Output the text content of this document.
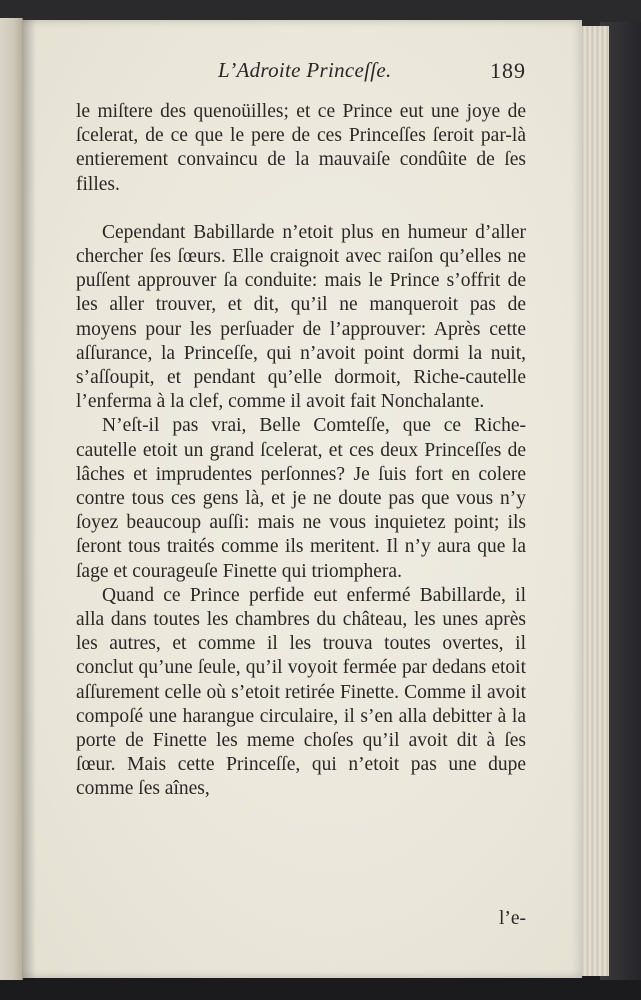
L’Adroite Princeſſe.	189

le miſtere des quenoüilles; et ce Prince eut une joye de ſcelerat, de ce que le pere de ces Princeſſes ſeroit par-là entierement convaincu de la mauvaiſe condûite de ſes filles.

Cependant Babillarde n’etoit plus en humeur d’aller chercher ſes ſœurs. Elle craignoit avec raiſon qu’elles ne puſſent approuver ſa conduite: mais le Prince s’offrit de les aller trouver, et dit, qu’il ne manqueroit pas de moyens pour les perſuader de l’approuver: Après cette aſſurance, la Princeſſe, qui n’avoit point dormi la nuit, s’aſſoupit, et pendant qu’elle dormoit, Riche-cautelle l’enferma à la clef, comme il avoit fait Nonchalante.

N’eſt-il pas vrai, Belle Comteſſe, que ce Riche-cautelle etoit un grand ſcelerat, et ces deux Princeſſes de lâches et imprudentes perſonnes? Je ſuis fort en colere contre tous ces gens là, et je ne doute pas que vous n’y ſoyez beaucoup auſſi: mais ne vous inquietez point; ils ſeront tous traités comme ils meritent. Il n’y aura que la ſage et courageuſe Finette qui triomphera.

Quand ce Prince perfide eut enfermé Babillarde, il alla dans toutes les chambres du château, les unes après les autres, et comme il les trouva toutes overtes, il conclut qu’une ſeule, qu’il voyoit fermée par dedans etoit aſſurement celle où s’etoit retirée Finette. Comme il avoit compoſé une harangue circulaire, il s’en alla debitter à la porte de Finette les meme choſes qu’il avoit dit à ſes ſœur. Mais cette Princeſſe, qui n’etoit pas une dupe comme ſes aînes,

l’e-
